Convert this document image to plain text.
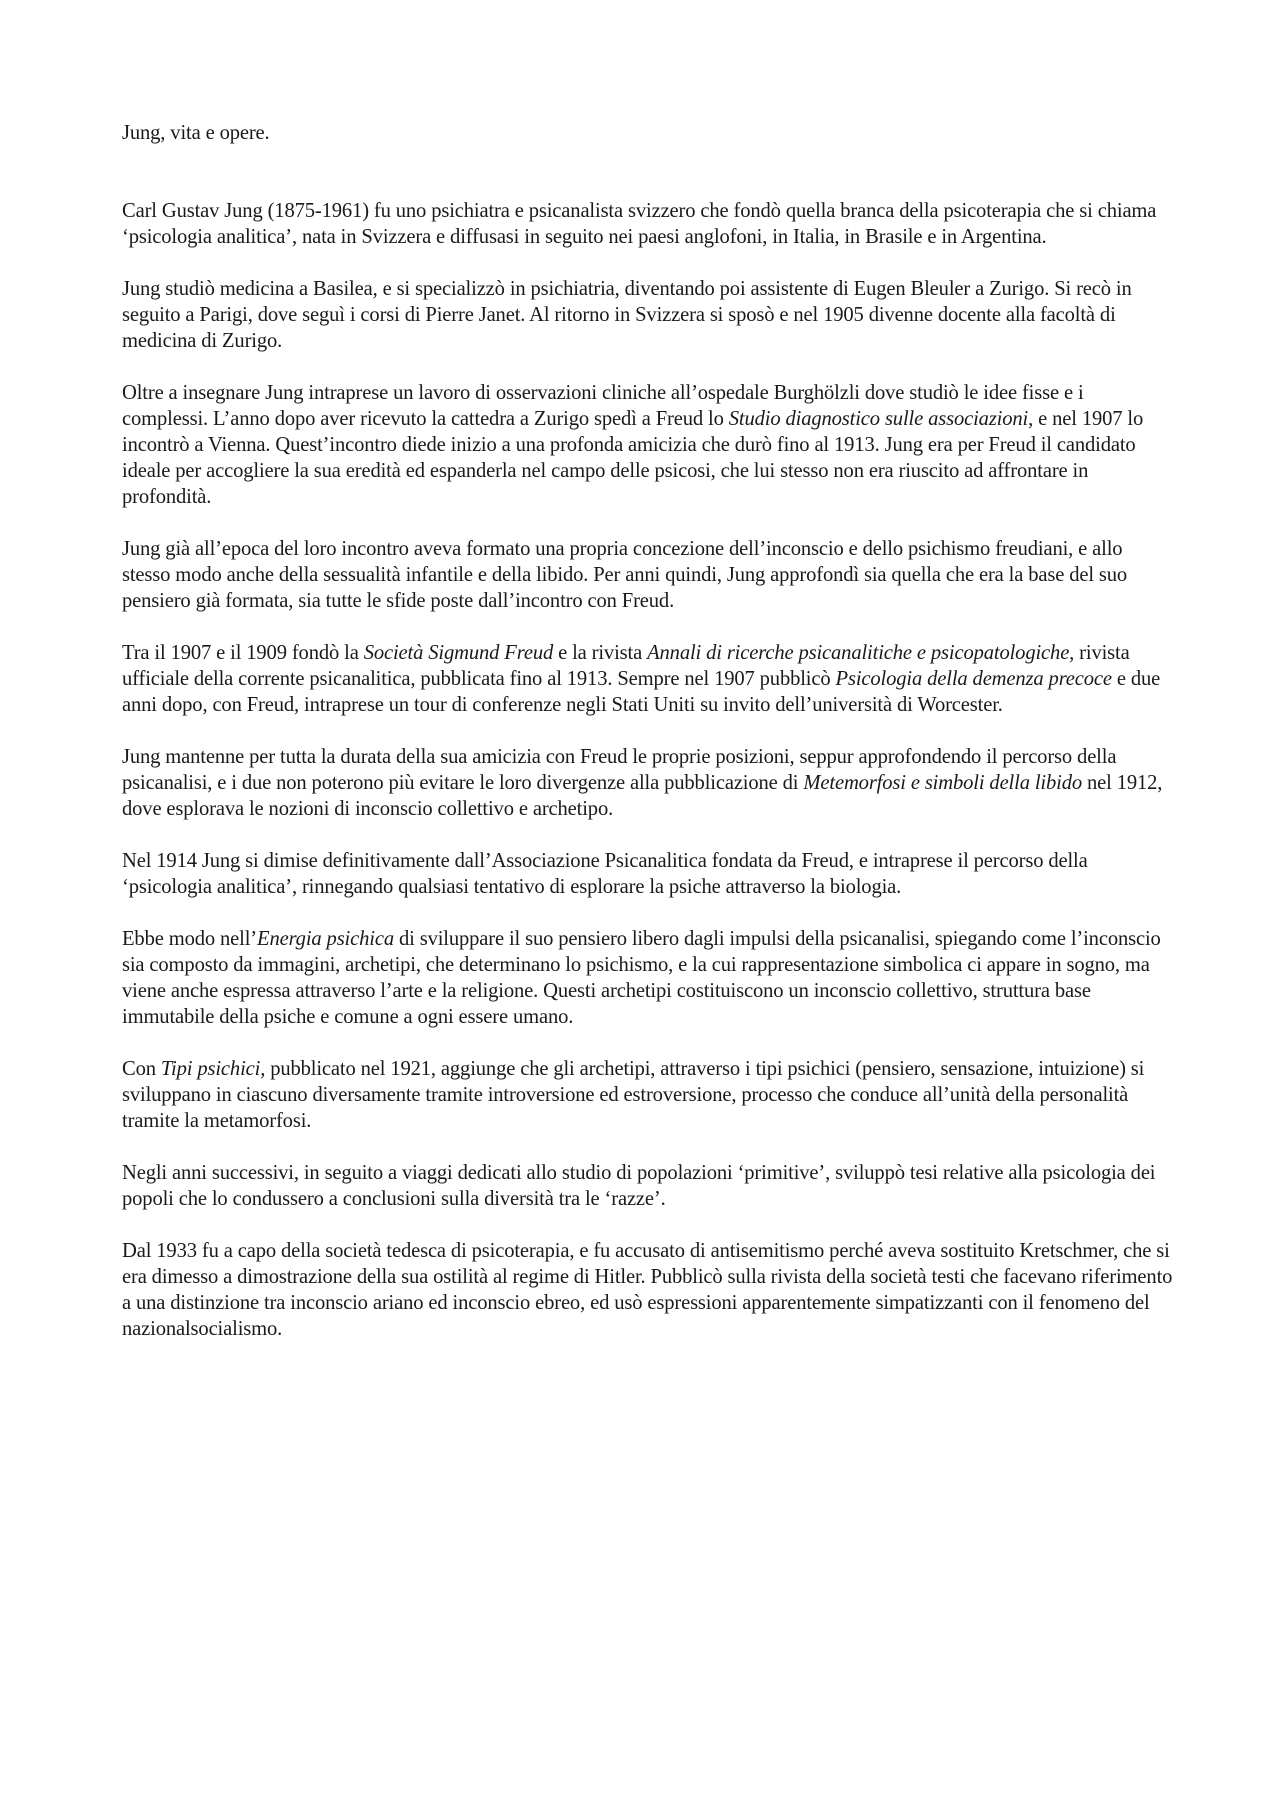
Jung, vita e opere.

Carl Gustav Jung (1875-1961) fu uno psichiatra e psicanalista svizzero che fondò quella branca della psicoterapia che si chiama ‘psicologia analitica’, nata in Svizzera e diffusasi in seguito nei paesi anglofoni, in Italia, in Brasile e in Argentina.

Jung studiò medicina a Basilea, e si specializzò in psichiatria, diventando poi assistente di Eugen Bleuler a Zurigo. Si recò in seguito a Parigi, dove seguì i corsi di Pierre Janet. Al ritorno in Svizzera si sposò e nel 1905 divenne docente alla facoltà di medicina di Zurigo.

Oltre a insegnare Jung intraprese un lavoro di osservazioni cliniche all’ospedale Burghölzli dove studiò le idee fisse e i complessi. L’anno dopo aver ricevuto la cattedra a Zurigo spedì a Freud lo Studio diagnostico sulle associazioni, e nel 1907 lo incontrò a Vienna. Quest’incontro diede inizio a una profonda amicizia che durò fino al 1913. Jung era per Freud il candidato ideale per accogliere la sua eredità ed espanderla nel campo delle psicosi, che lui stesso non era riuscito ad affrontare in profondità.

Jung già all’epoca del loro incontro aveva formato una propria concezione dell’inconscio e dello psichismo freudiani, e allo stesso modo anche della sessualità infantile e della libido. Per anni quindi, Jung approfondì sia quella che era la base del suo pensiero già formata, sia tutte le sfide poste dall’incontro con Freud.

Tra il 1907 e il 1909 fondò la Società Sigmund Freud e la rivista Annali di ricerche psicanalitiche e psicopatologiche, rivista ufficiale della corrente psicanalitica, pubblicata fino al 1913. Sempre nel 1907 pubblicò Psicologia della demenza precoce e due anni dopo, con Freud, intraprese un tour di conferenze negli Stati Uniti su invito dell’università di Worcester.

Jung mantenne per tutta la durata della sua amicizia con Freud le proprie posizioni, seppur approfondendo il percorso della psicanalisi, e i due non poterono più evitare le loro divergenze alla pubblicazione di Metemorfosi e simboli della libido nel 1912, dove esplorava le nozioni di inconscio collettivo e archetipo.

Nel 1914 Jung si dimise definitivamente dall’Associazione Psicanalitica fondata da Freud, e intraprese il percorso della ‘psicologia analitica’, rinnegando qualsiasi tentativo di esplorare la psiche attraverso la biologia.

Ebbe modo nell’Energia psichica di sviluppare il suo pensiero libero dagli impulsi della psicanalisi, spiegando come l’inconscio sia composto da immagini, archetipi, che determinano lo psichismo, e la cui rappresentazione simbolica ci appare in sogno, ma viene anche espressa attraverso l’arte e la religione. Questi archetipi costituiscono un inconscio collettivo, struttura base immutabile della psiche e comune a ogni essere umano.

Con Tipi psichici, pubblicato nel 1921, aggiunge che gli archetipi, attraverso i tipi psichici (pensiero, sensazione, intuizione) si sviluppano in ciascuno diversamente tramite introversione ed estroversione, processo che conduce all’unità della personalità tramite la metamorfosi.

Negli anni successivi, in seguito a viaggi dedicati allo studio di popolazioni ‘primitive’, sviluppò tesi relative alla psicologia dei popoli che lo condussero a conclusioni sulla diversità tra le ‘razze’.

Dal 1933 fu a capo della società tedesca di psicoterapia, e fu accusato di antisemitismo perché aveva sostituito Kretschmer, che si era dimesso a dimostrazione della sua ostilità al regime di Hitler. Pubblicò sulla rivista della società testi che facevano riferimento a una distinzione tra inconscio ariano ed inconscio ebreo, ed usò espressioni apparentemente simpatizzanti con il fenomeno del nazionalsocialismo.
